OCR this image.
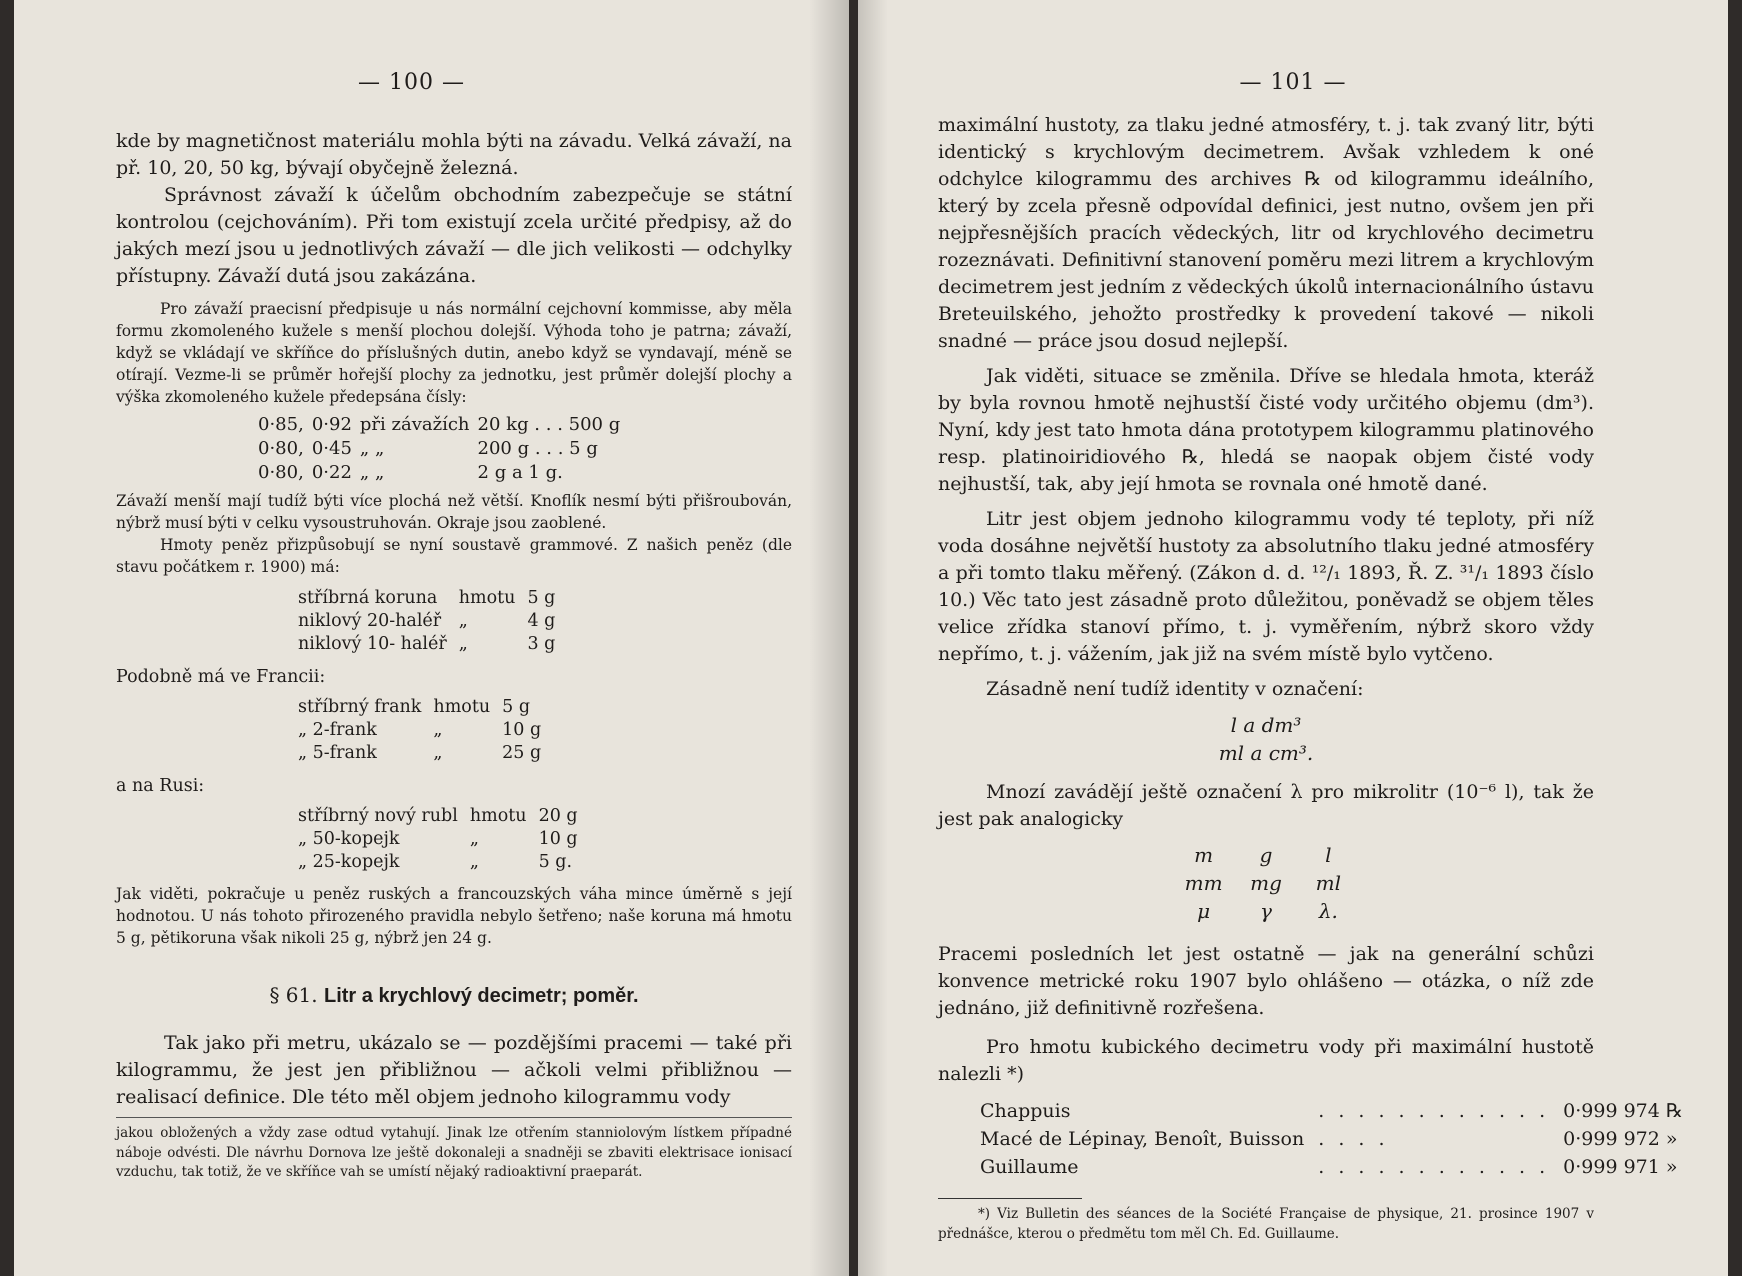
— 100 —

kde by magnetičnost materiálu mohla býti na závadu. Velká závaží, na př. 10, 20, 50 kg, bývají obyčejně železná.

Správnost závaží k účelům obchodním zabezpečuje se státní kontrolou (cejchováním). Při tom existují zcela určité předpisy, až do jakých mezí jsou u jednotlivých závaží — dle jich velikosti — odchylky přístupny. Závaží dutá jsou zakázána.

Pro závaží praecisní předpisuje u nás normální cejchovní kommisse, aby měla formu zkomoleného kužele s menší plochou dolejší. Výhoda toho je patrna; závaží, když se vkládají ve skříňce do příslušných dutin, anebo když se vyndavají, méně se otírají. Vezme-li se průměr hořejší plochy za jednotku, jest průměr dolejší plochy a výška zkomoleného kužele předepsána čísly:

0·85,	0·92	při závažích	20 kg . . . 500 g
0·80,	0·45	„ „	200 g . . . 5 g
0·80,	0·22	„ „	2 g a 1 g.

Závaží menší mají tudíž býti více plochá než větší. Knoflík nesmí býti přišroubován, nýbrž musí býti v celku vysoustruhován. Okraje jsou zaoblené.

Hmoty peněz přizpůsobují se nyní soustavě grammové. Z našich peněz (dle stavu počátkem r. 1900) má:

stříbrná koruna	hmotu	5 g
niklový 20-haléř	„	4 g
niklový 10- haléř	„	3 g
Podobně má ve Francii:
stříbrný frank	hmotu	5 g
„ 2-frank	„	10 g
„ 5-frank	„	25 g
a na Rusi:
stříbrný nový rubl	hmotu	20 g
„ 50-kopejk	„	10 g
„ 25-kopejk	„	5 g.

Jak viděti, pokračuje u peněz ruských a francouzských váha mince úměrně s její hodnotou. U nás tohoto přirozeného pravidla nebylo šetřeno; naše koruna má hmotu 5 g, pětikoruna však nikoli 25 g, nýbrž jen 24 g.

§ 61. Litr a krychlový decimetr; poměr.

Tak jako při metru, ukázalo se — pozdějšími pracemi — také při kilogrammu, že jest jen přibližnou — ačkoli velmi přibližnou — realisací definice. Dle této měl objem jednoho kilogrammu vody

jakou obložených a vždy zase odtud vytahují. Jinak lze otřením stanniolovým lístkem případné náboje odvésti. Dle návrhu Dornova lze ještě dokonaleji a snadněji se zbaviti elektrisace ionisací vzduchu, tak totiž, že ve skříňce vah se umístí nějaký radioaktivní praeparát.

— 101 —

maximální hustoty, za tlaku jedné atmosféry, t. j. tak zvaný litr, býti identický s krychlovým decimetrem. Avšak vzhledem k oné odchylce kilogrammu des archives ℞ od kilogrammu ideálního, který by zcela přesně odpovídal definici, jest nutno, ovšem jen při nejpřesnějších pracích vědeckých, litr od krychlového decimetru rozeznávati. Definitivní stanovení poměru mezi litrem a krychlovým decimetrem jest jedním z vědeckých úkolů internacionálního ústavu Breteuilského, jehožto prostředky k provedení takové — nikoli snadné — práce jsou dosud nejlepší.

Jak viděti, situace se změnila. Dříve se hledala hmota, kteráž by byla rovnou hmotě nejhustší čisté vody určitého objemu (dm³). Nyní, kdy jest tato hmota dána prototypem kilogrammu platinového resp. platinoiridiového ℞, hledá se naopak objem čisté vody nejhustší, tak, aby její hmota se rovnala oné hmotě dané.

Litr jest objem jednoho kilogrammu vody té teploty, při níž voda dosáhne největší hustoty za absolutního tlaku jedné atmosféry a při tomto tlaku měřený. (Zákon d. d. ¹²/₁ 1893, Ř. Z. ³¹/₁ 1893 číslo 10.) Věc tato jest zásadně proto důležitou, poněvadž se objem těles velice zřídka stanoví přímo, t. j. vyměřením, nýbrž skoro vždy nepřímo, t. j. vážením, jak již na svém místě bylo vytčeno.

Zásadně není tudíž identity v označení:

l a dm³
ml a cm³.

Mnozí zavádějí ještě označení λ pro mikrolitr (10⁻⁶ l), tak že jest pak analogicky

m g	l
mm mg ml
μ γ λ.

Pracemi posledních let jest ostatně — jak na generální schůzi konvence metrické roku 1907 bylo ohlášeno — otázka, o níž zde jednáno, již definitivně rozřešena.

Pro hmotu kubického decimetru vody při maximální hustotě nalezli *)

Chappuis	. . . . . . . . . . . .	0·999 974 ℞
Macé de Lépinay, Benoît, Buisson	. . . .	0·999 972 »
Guillaume	. . . . . . . . . . . .	0·999 971 »

*) Viz Bulletin des séances de la Société Française de physique, 21. prosince 1907 v přednášce, kterou o předmětu tom měl Ch. Ed. Guillaume.
